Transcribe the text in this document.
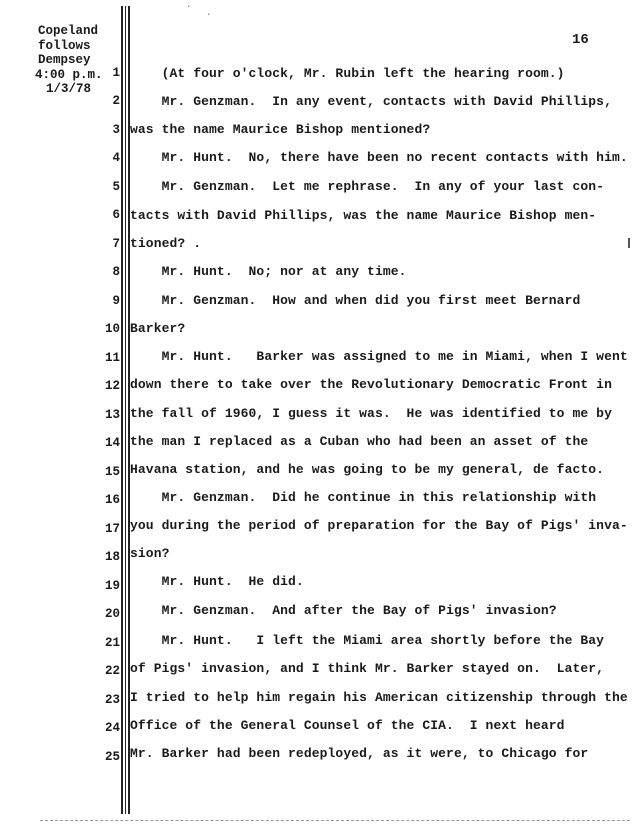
Copeland
follows
Dempsey
4:00 p.m.
1/3/78
16
·
·
1 (At four o'clock, Mr. Rubin left the hearing room.)
2 Mr. Genzman.  In any event, contacts with David Phillips,
3 was the name Maurice Bishop mentioned?
4 Mr. Hunt.  No, there have been no recent contacts with him.
5 Mr. Genzman.  Let me rephrase.  In any of your last con-
6 tacts with David Phillips, was the name Maurice Bishop men-
7 tioned? .
8 Mr. Hunt.  No; nor at any time.
9 Mr. Genzman.  How and when did you first meet Bernard
10 Barker?
11 Mr. Hunt.   Barker was assigned to me in Miami, when I went
12 down there to take over the Revolutionary Democratic Front in
13 the fall of 1960, I guess it was.  He was identified to me by
14 the man I replaced as a Cuban who had been an asset of the
15 Havana station, and he was going to be my general, de facto.
16 Mr. Genzman.  Did he continue in this relationship with
17 you during the period of preparation for the Bay of Pigs' inva-
18 sion?
19 Mr. Hunt.  He did.
20 Mr. Genzman.  And after the Bay of Pigs' invasion?
21 Mr. Hunt.   I left the Miami area shortly before the Bay
22 of Pigs' invasion, and I think Mr. Barker stayed on.  Later,
23 I tried to help him regain his American citizenship through the
24 Office of the General Counsel of the CIA.  I next heard
25 Mr. Barker had been redeployed, as it were, to Chicago for
